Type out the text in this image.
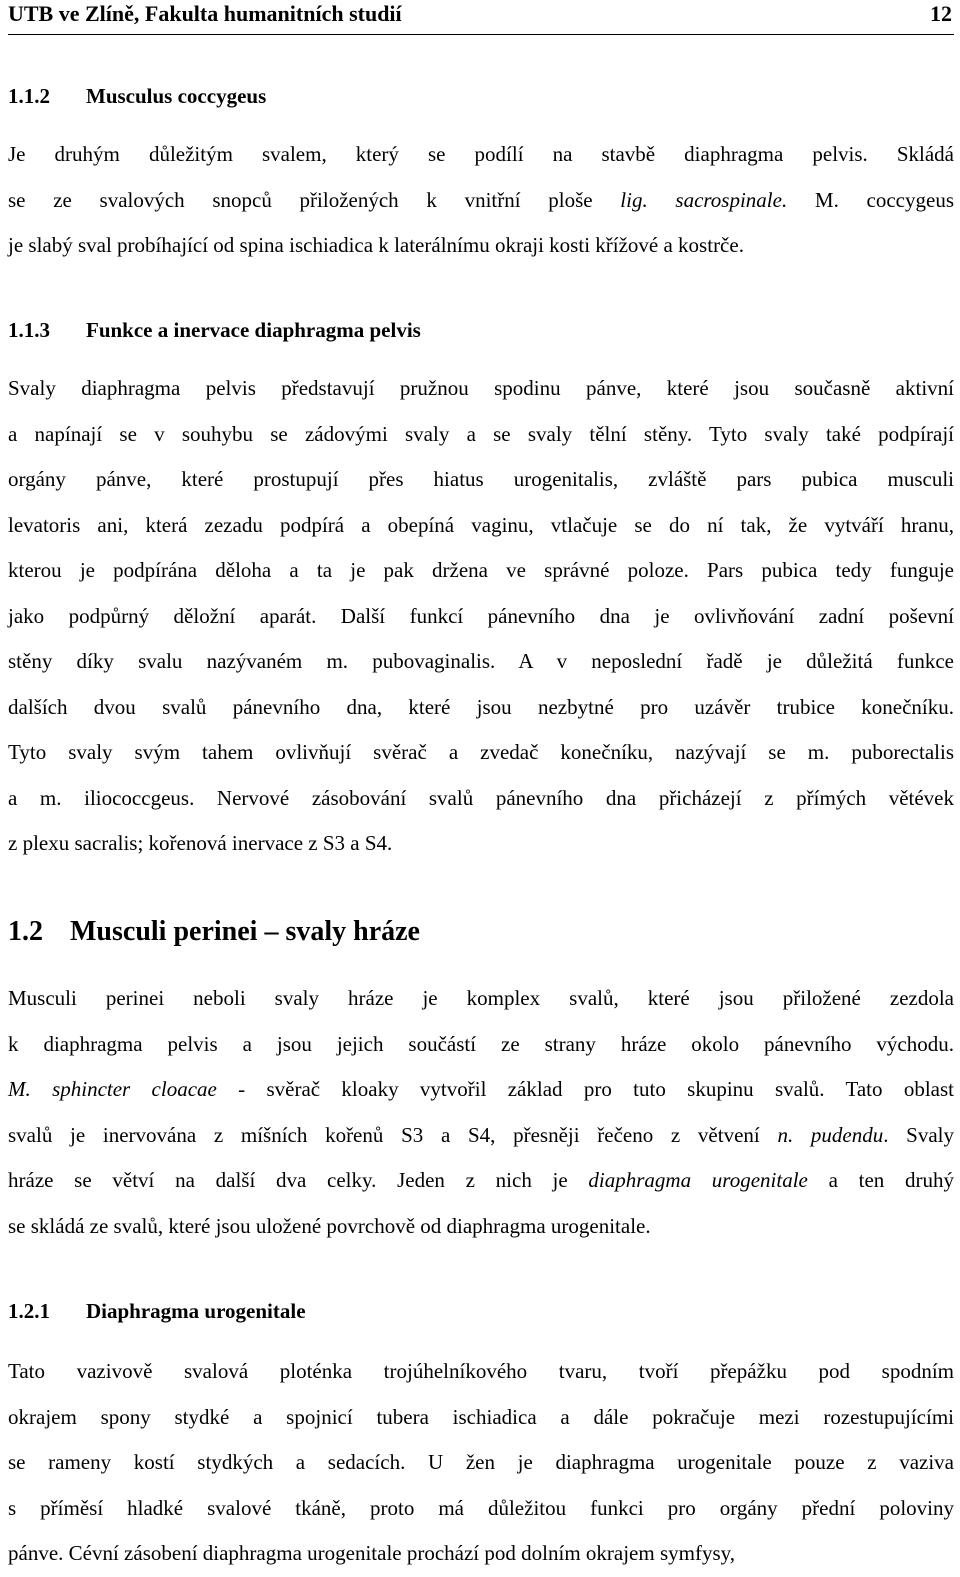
UTB ve Zlíně, Fakulta humanitních studií	12
1.1.2 Musculus coccygeus
Je druhým důležitým svalem, který se podílí na stavbě diaphragma pelvis. Skládá
se ze svalových snopců přiložených k vnitřní ploše lig. sacrospinale. M. coccygeus
je slabý sval probíhající od spina ischiadica k laterálnímu okraji kosti křížové a kostrče.
1.1.3 Funkce a inervace diaphragma pelvis
Svaly diaphragma pelvis představují pružnou spodinu pánve, které jsou současně aktivní
a napínají se v souhybu se zádovými svaly a se svaly tělní stěny. Tyto svaly také podpírají
orgány pánve, které prostupují přes hiatus urogenitalis, zvláště pars pubica musculi
levatoris ani, která zezadu podpírá a obepíná vaginu, vtlačuje se do ní tak, že vytváří hranu,
kterou je podpírána děloha a ta je pak držena ve správné poloze. Pars pubica tedy funguje
jako podpůrný děložní aparát. Další funkcí pánevního dna je ovlivňování zadní poševní
stěny díky svalu nazývaném m. pubovaginalis. A v neposlední řadě je důležitá funkce
dalších dvou svalů pánevního dna, které jsou nezbytné pro uzávěr trubice konečníku.
Tyto svaly svým tahem ovlivňují svěrač a zvedač konečníku, nazývají se m. puborectalis
a m. iliococcgeus. Nervové zásobování svalů pánevního dna přicházejí z přímých větévek
z plexu sacralis; kořenová inervace z S3 a S4.
1.2 Musculi perinei – svaly hráze
Musculi perinei neboli svaly hráze je komplex svalů, které jsou přiložené zezdola
k diaphragma pelvis a jsou jejich součástí ze strany hráze okolo pánevního východu.
M. sphincter cloacae - svěrač kloaky vytvořil základ pro tuto skupinu svalů. Tato oblast
svalů je inervována z míšních kořenů S3 a S4, přesněji řečeno z větvení n. pudendu. Svaly
hráze se větví na další dva celky. Jeden z nich je diaphragma urogenitale a ten druhý
se skládá ze svalů, které jsou uložené povrchově od diaphragma urogenitale.
1.2.1 Diaphragma urogenitale
Tato vazivově svalová ploténka trojúhelníkového tvaru, tvoří přepážku pod spodním
okrajem spony stydké a spojnicí tubera ischiadica a dále pokračuje mezi rozestupujícími
se rameny kostí stydkých a sedacích. U žen je diaphragma urogenitale pouze z vaziva
s příměsí hladké svalové tkáně, proto má důležitou funkci pro orgány přední poloviny
pánve. Cévní zásobení diaphragma urogenitale prochází pod dolním okrajem symfysy,
